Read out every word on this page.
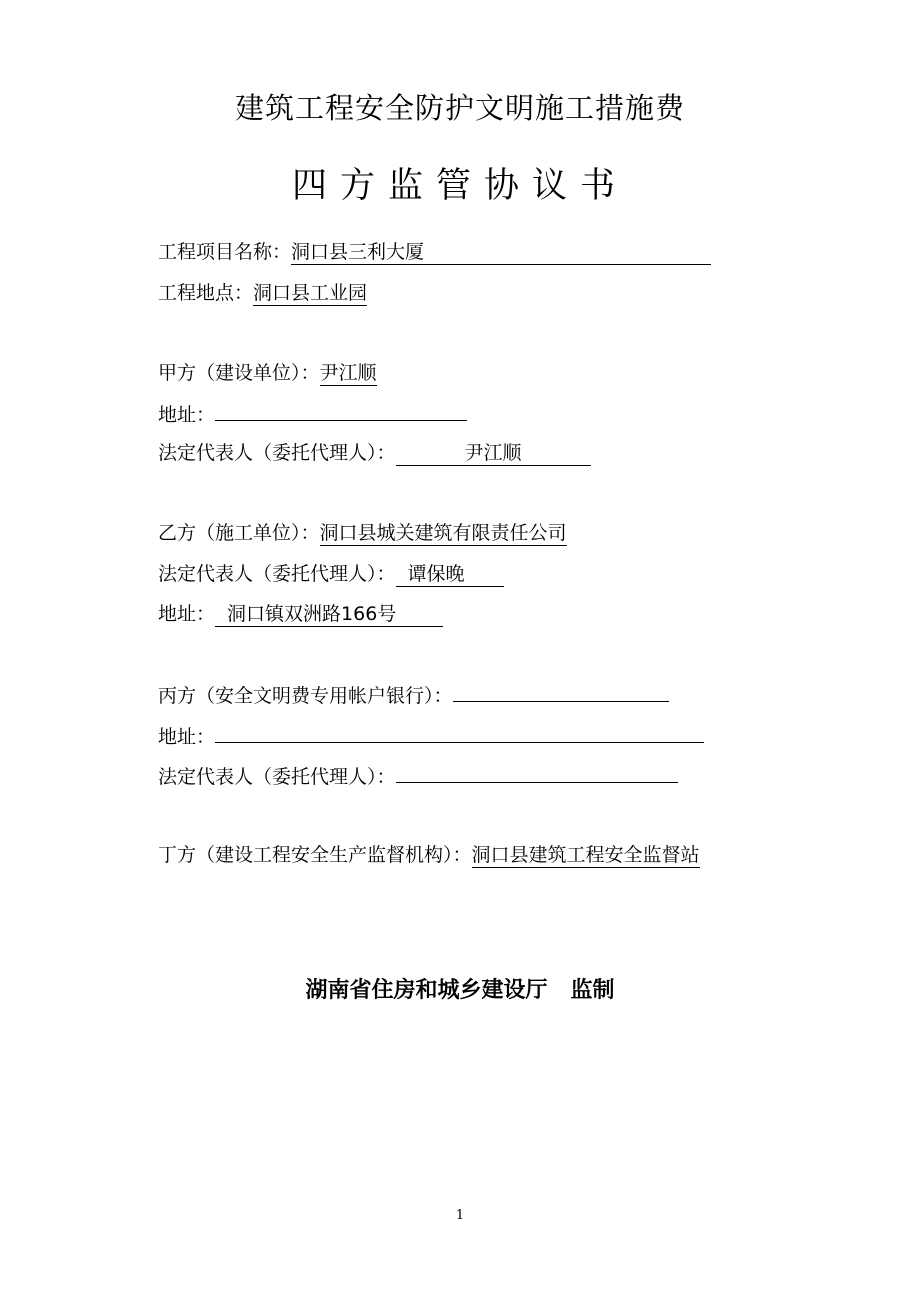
建筑工程安全防护文明施工措施费
四方监管协议书
工程项目名称：洞口县三利大厦
工程地点：洞口县工业园
甲方（建设单位）：尹江顺
地址：
法定代表人（委托代理人）：	尹江顺
乙方（施工单位）：洞口县城关建筑有限责任公司
法定代表人（委托代理人）： 谭保晚
地址： 洞口镇双洲路166号
丙方（安全文明费专用帐户银行）：
地址：
法定代表人（委托代理人）：
丁方（建设工程安全生产监督机构）：洞口县建筑工程安全监督站
湖南省住房和城乡建设厅   监制
1
